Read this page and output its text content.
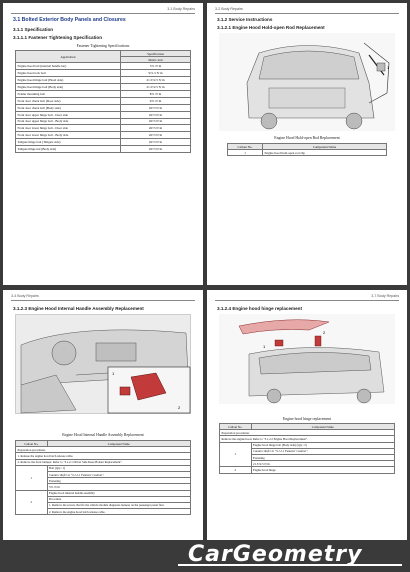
3-1 Body Repairs
3.1 Bolted Exterior Body Panels and Closures
3.1.1 Specification
3.1.1.1 Fastener Tightening Specification
Fastener Tightening Specifications
Application	Specification
	Metric unit
Engine hood bolt (internal handle bar)	5±1 N·m
Engine hood lock bolt	9±1.5 N·m
Engine hood hinge bolt (Hood side)	21.5±2.5 N·m
Engine hood hinge bolt (Body side)	21.5±2.5 N·m
Fender mounting bolt	8±1 N·m
Front door check bolt (Door side)	9±1 N·m
Front door check bolt (Body side)	26±3 N·m
Front door upper hinge bolt - Door side	26±3 N·m
Front door upper hinge bolt - Body side	26±3 N·m
Front door lower hinge bolt - Door side	26±3 N·m
Front door lower hinge bolt - Body side	26±3 N·m
Tailgate hinge bolt (Tailgate side)	26±3 N·m
Tailgate hinge nut (Body side)	26±3 N·m
3-2 Body Repairs
3.1.2 Service Instructions
3.1.2.1 Engine Hood Hold-open Rod Replacement
1
Engine Hood Hold-open Rod Replacement
Callout No.	Component Name
1	Engine hood hold-open rod clip
3-4 Body Repairs
3.1.2.3 Engine Hood Internal Handle Assembly Replacement
1
2
Engine Hood Internal Handle Assembly Replacement
Callout No.	Component Name
Preparation procedures	
1. Release the engine hood latch release cable.	
2. Remove the front bumper. Refer to "3.1.2.1 Driver Side Knee Bolster Replacement".	
1	Bolt (Qty.: 1)
	Caution: Refer to "3.1.2.1 Fastener Caution".
	Fastening
	5±1 N·m
2	Engine hood internal handle assembly
	Procedure
	1. Remove the screws that fix the vehicle module diagnosis harness on the passenger panel first.
	2. Remove the engine hood latch release cable.
3-7 Body Repairs
3.1.2.4 Engine hood hinge replacement
1
2
Engine hood hinge replacement
Callout No.	Component Name
Preparation procedures	
Remove the engine hood. Refer to "3.1.2.2 Engine Hood Replacement".	
1	Engine hood hinge bolt (Body side) (Qty.: 2)
	Caution: Refer to "3.1.2.1 Fastener Caution".
	Fastening
	21.5±2.5 N·m
2	Engine hood hinge
CarGeometry
